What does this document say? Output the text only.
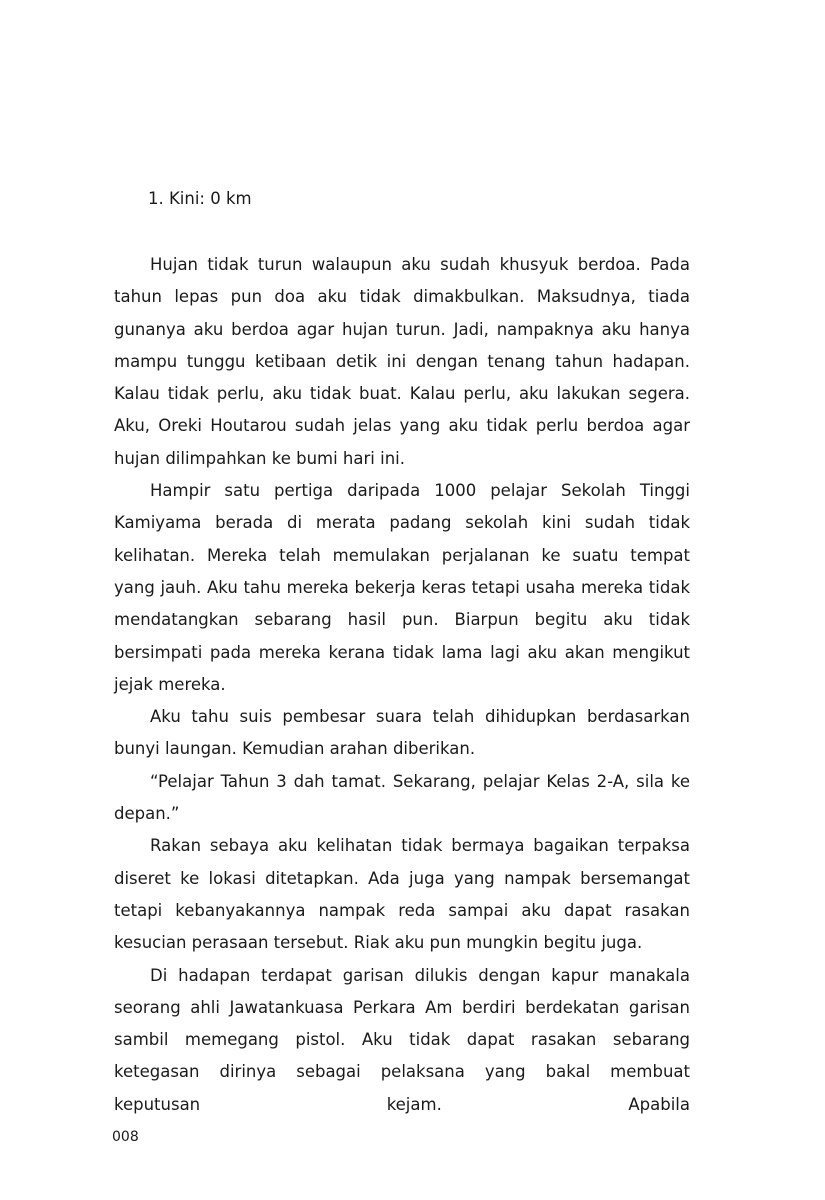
1. Kini: 0 km

Hujan tidak turun walaupun aku sudah khusyuk berdoa. Pada tahun lepas pun doa aku tidak dimakbulkan. Maksudnya, tiada gunanya aku berdoa agar hujan turun. Jadi, nampaknya aku hanya mampu tunggu ketibaan detik ini dengan tenang tahun hadapan. Kalau tidak perlu, aku tidak buat. Kalau perlu, aku lakukan segera. Aku, Oreki Houtarou sudah jelas yang aku tidak perlu berdoa agar hujan dilimpahkan ke bumi hari ini.

Hampir satu pertiga daripada 1000 pelajar Sekolah Tinggi Kamiyama berada di merata padang sekolah kini sudah tidak kelihatan. Mereka telah memulakan perjalanan ke suatu tempat yang jauh. Aku tahu mereka bekerja keras tetapi usaha mereka tidak mendatangkan sebarang hasil pun. Biarpun begitu aku tidak bersimpati pada mereka kerana tidak lama lagi aku akan mengikut jejak mereka.

Aku tahu suis pembesar suara telah dihidupkan berdasarkan bunyi laungan. Kemudian arahan diberikan.

“Pelajar Tahun 3 dah tamat. Sekarang, pelajar Kelas 2-A, sila ke depan.”

Rakan sebaya aku kelihatan tidak bermaya bagaikan terpaksa diseret ke lokasi ditetapkan. Ada juga yang nampak bersemangat tetapi kebanyakannya nampak reda sampai aku dapat rasakan kesucian perasaan tersebut. Riak aku pun mungkin begitu juga.

Di hadapan terdapat garisan dilukis dengan kapur manakala seorang ahli Jawatankuasa Perkara Am berdiri berdekatan garisan sambil memegang pistol. Aku tidak dapat rasakan sebarang ketegasan dirinya sebagai pelaksana yang bakal membuat keputusan kejam. Apabila

008
